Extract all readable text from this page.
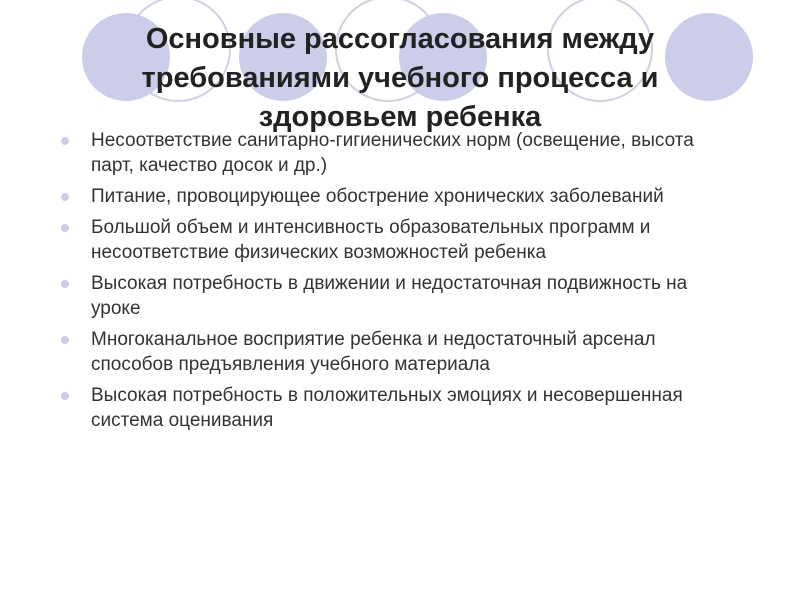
Основные рассогласования между
требованиями учебного процесса и
здоровьем ребенка
Несоответствие санитарно-гигиенических норм (освещение, высота парт, качество досок и др.)
Питание, провоцирующее обострение хронических заболеваний
Большой объем и интенсивность образовательных программ и несоответствие физических возможностей ребенка
Высокая потребность в движении и недостаточная подвижность на уроке
Многоканальное восприятие ребенка и недостаточный арсенал способов предъявления учебного материала
Высокая потребность в положительных эмоциях и несовершенная система оценивания
